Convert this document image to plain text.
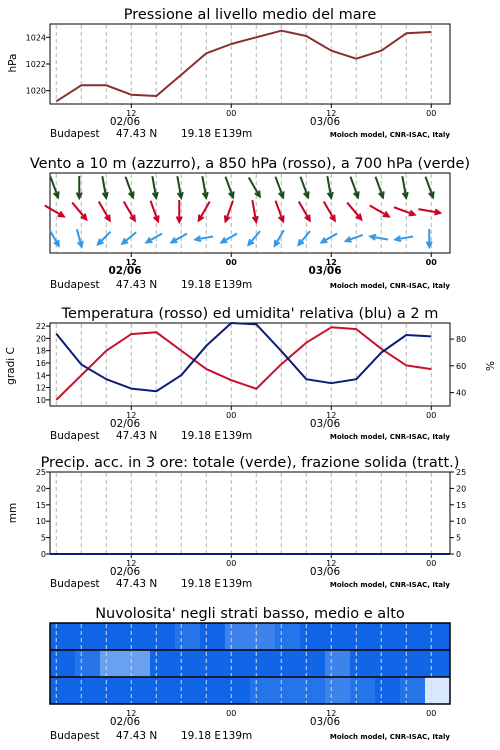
Pressione al livello medio del mare
hPa
12	00	12	00
02/06	03/06
1020
1022
1024
Budapest 47.43 N 19.18 E 139m	Moloch model, CNR-ISAC, Italy
Vento a 10 m (azzurro), a 850 hPa (rosso), a 700 hPa (verde)
12	00	12	00
02/06	03/06
Budapest 47.43 N 19.18 E 139m	Moloch model, CNR-ISAC, Italy
Temperatura (rosso) ed umidita' relativa (blu) a 2 m
gradi C	%
12	00	12	00
02/06	03/06
10
12
14
16
18
20
22
40
60
80
Budapest 47.43 N 19.18 E 139m	Moloch model, CNR-ISAC, Italy
Precip. acc. in 3 ore: totale (verde), frazione solida (tratt.)
mm
12	00	12	00
02/06	03/06
0
5
10
15
20
25
0
5
10
15
20
25
Budapest 47.43 N 19.18 E 139m	Moloch model, CNR-ISAC, Italy
Nuvolosita' negli strati basso, medio e alto
12	00	12	00
02/06	03/06
Budapest 47.43 N 19.18 E 139m	Moloch model, CNR-ISAC, Italy
